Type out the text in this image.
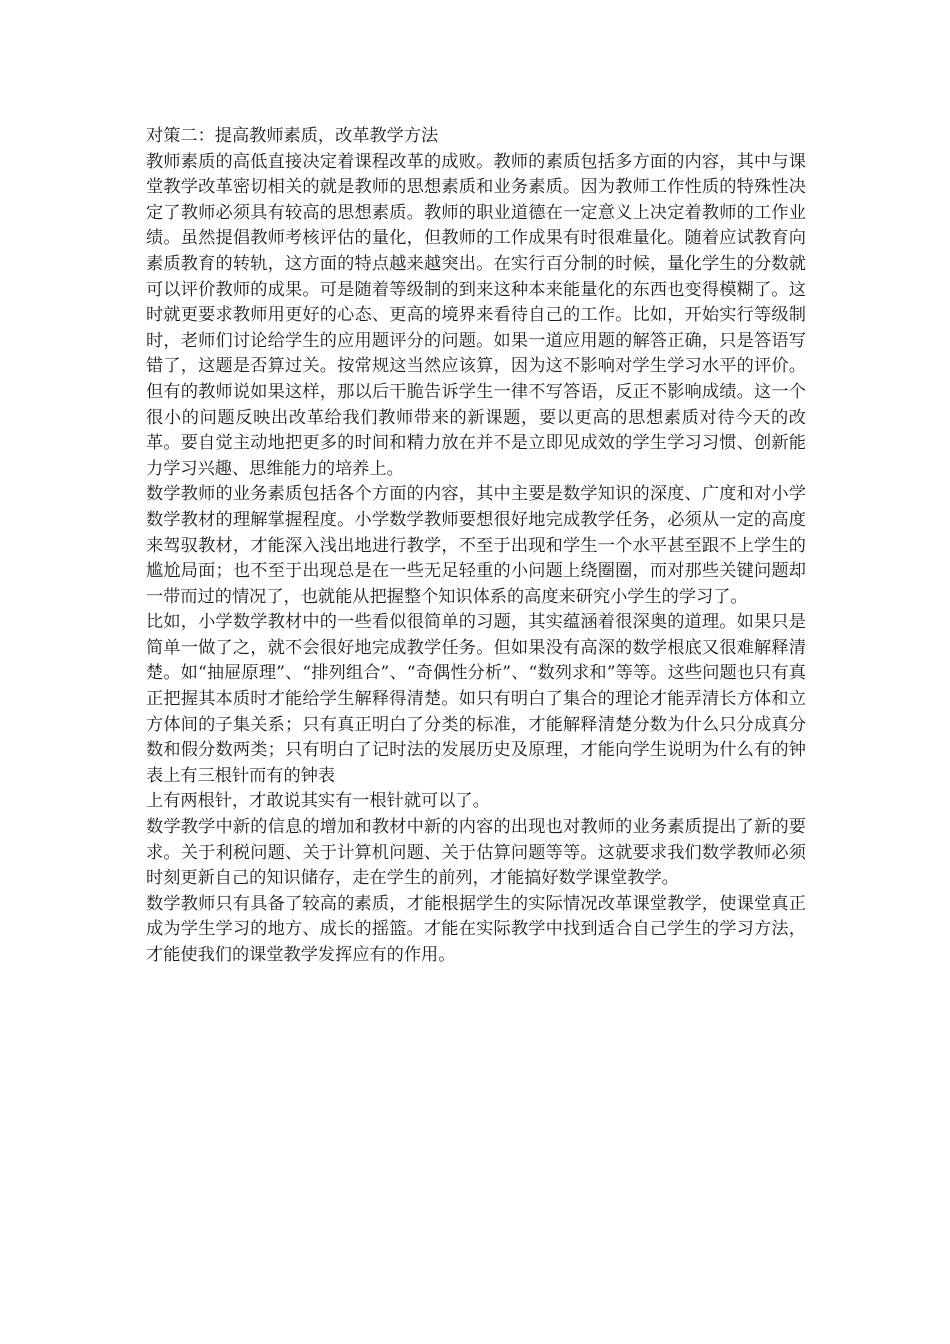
对策二：提高教师素质，改革教学方法

教师素质的高低直接决定着课程改革的成败。教师的素质包括多方面的内容，其中与课堂教学改革密切相关的就是教师的思想素质和业务素质。因为教师工作性质的特殊性决定了教师必须具有较高的思想素质。教师的职业道德在一定意义上决定着教师的工作业绩。虽然提倡教师考核评估的量化，但教师的工作成果有时很难量化。随着应试教育向素质教育的转轨，这方面的特点越来越突出。在实行百分制的时候，量化学生的分数就可以评价教师的成果。可是随着等级制的到来这种本来能量化的东西也变得模糊了。这时就更要求教师用更好的心态、更高的境界来看待自己的工作。比如，开始实行等级制时，老师们讨论给学生的应用题评分的问题。如果一道应用题的解答正确，只是答语写错了，这题是否算过关。按常规这当然应该算，因为这不影响对学生学习水平的评价。但有的教师说如果这样，那以后干脆告诉学生一律不写答语，反正不影响成绩。这一个很小的问题反映出改革给我们教师带来的新课题，要以更高的思想素质对待今天的改革。要自觉主动地把更多的时间和精力放在并不是立即见成效的学生学习习惯、创新能力学习兴趣、思维能力的培养上。

数学教师的业务素质包括各个方面的内容，其中主要是数学知识的深度、广度和对小学数学教材的理解掌握程度。小学数学教师要想很好地完成教学任务，必须从一定的高度来驾驭教材，才能深入浅出地进行教学，不至于出现和学生一个水平甚至跟不上学生的尴尬局面；也不至于出现总是在一些无足轻重的小问题上绕圈圈，而对那些关键问题却一带而过的情况了，也就能从把握整个知识体系的高度来研究小学生的学习了。

比如，小学数学教材中的一些看似很简单的习题，其实蕴涵着很深奥的道理。如果只是简单一做了之，就不会很好地完成教学任务。但如果没有高深的数学根底又很难解释清楚。如“抽屉原理”、“排列组合”、“奇偶性分析”、“数列求和”等等。这些问题也只有真正把握其本质时才能给学生解释得清楚。如只有明白了集合的理论才能弄清长方体和立方体间的子集关系；只有真正明白了分类的标准，才能解释清楚分数为什么只分成真分数和假分数两类；只有明白了记时法的发展历史及原理，才能向学生说明为什么有的钟表上有三根针而有的钟表

上有两根针，才敢说其实有一根针就可以了。

数学教学中新的信息的增加和教材中新的内容的出现也对教师的业务素质提出了新的要求。关于利税问题、关于计算机问题、关于估算问题等等。这就要求我们数学教师必须时刻更新自己的知识储存，走在学生的前列，才能搞好数学课堂教学。

数学教师只有具备了较高的素质，才能根据学生的实际情况改革课堂教学，使课堂真正成为学生学习的地方、成长的摇篮。才能在实际教学中找到适合自己学生的学习方法，才能使我们的课堂教学发挥应有的作用。
